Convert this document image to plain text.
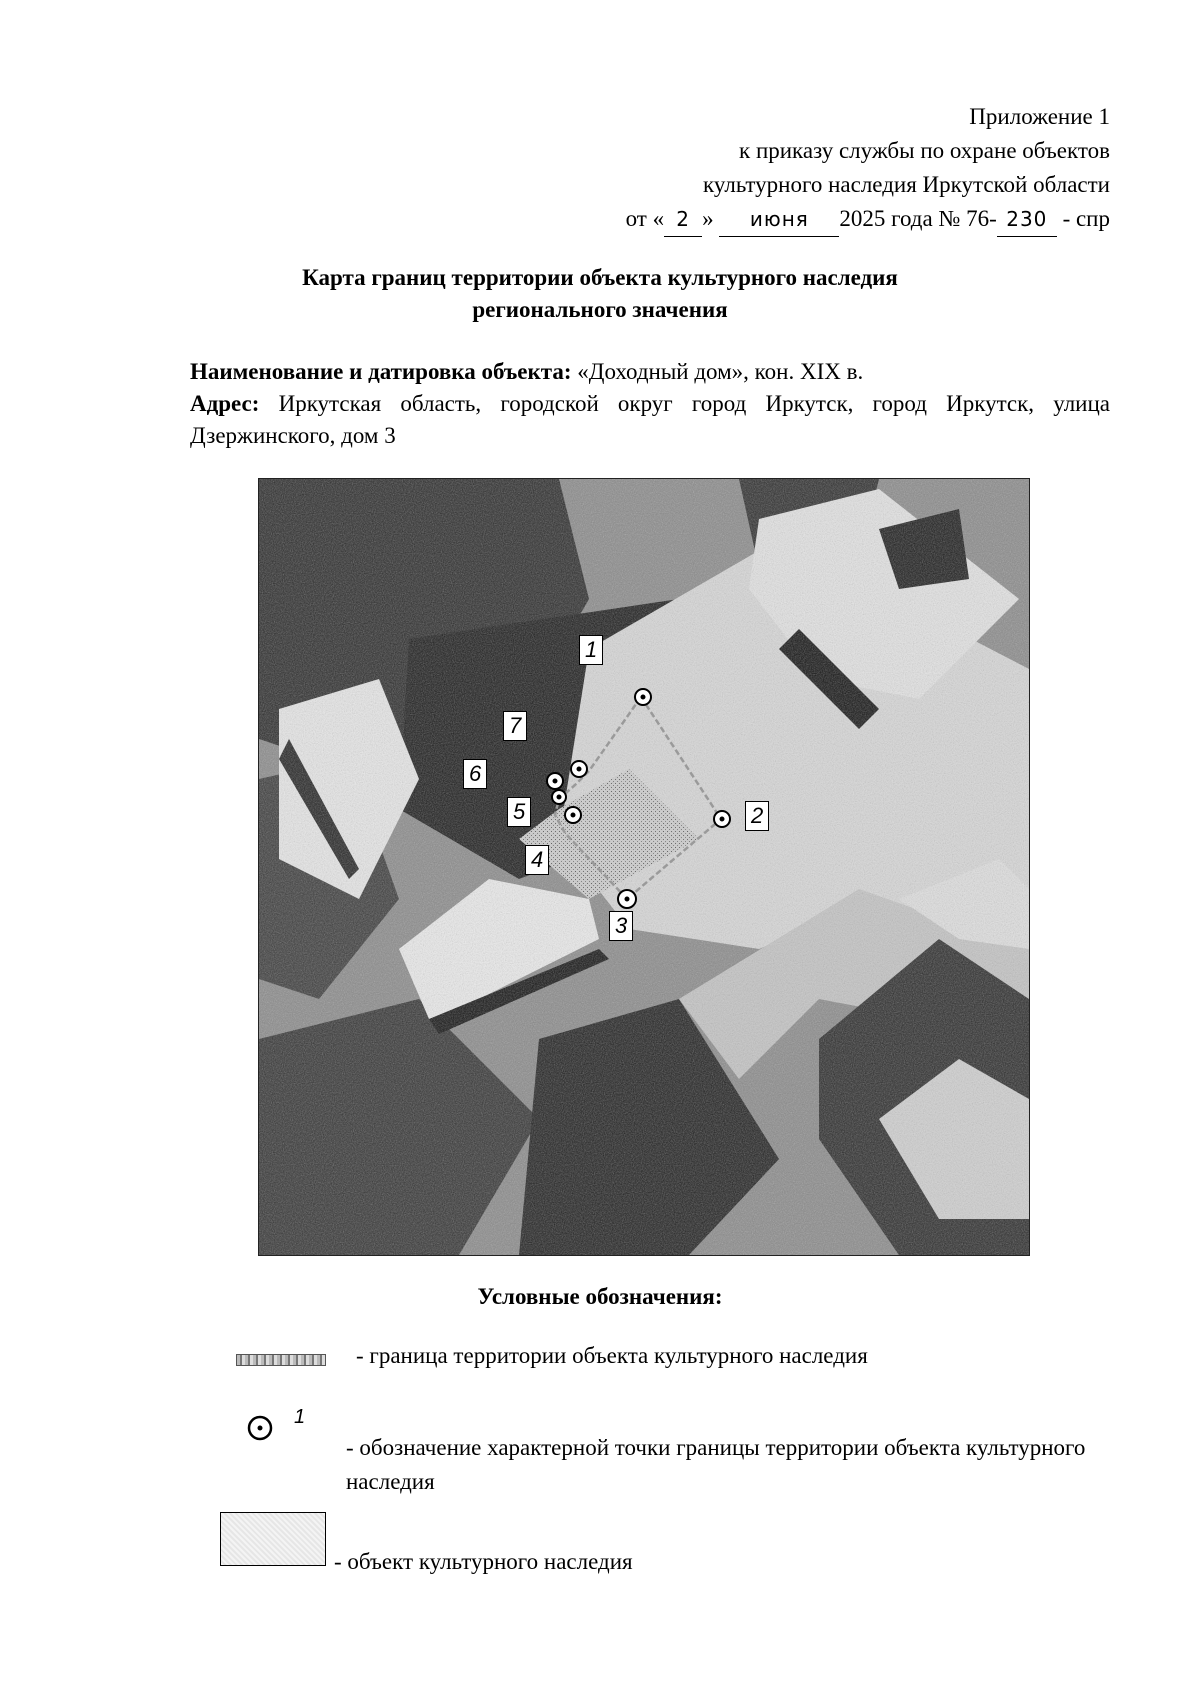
Приложение 1
к приказу службы по охране объектов
культурного наследия Иркутской области
от « 2 » июня 2025 года № 76- 230 - спр
Карта границ территории объекта культурного наследия
регионального значения
Наименование и датировка объекта: «Доходный дом», кон. XIX в.
Адрес: Иркутская область, городской округ город Иркутск, город Иркутск, улица Дзержинского, дом 3
1
2
3
4
5
6
7
Условные обозначения:
- граница территории объекта культурного наследия
1
- обозначение характерной точки границы территории объекта культурного наследия
- объект культурного наследия
